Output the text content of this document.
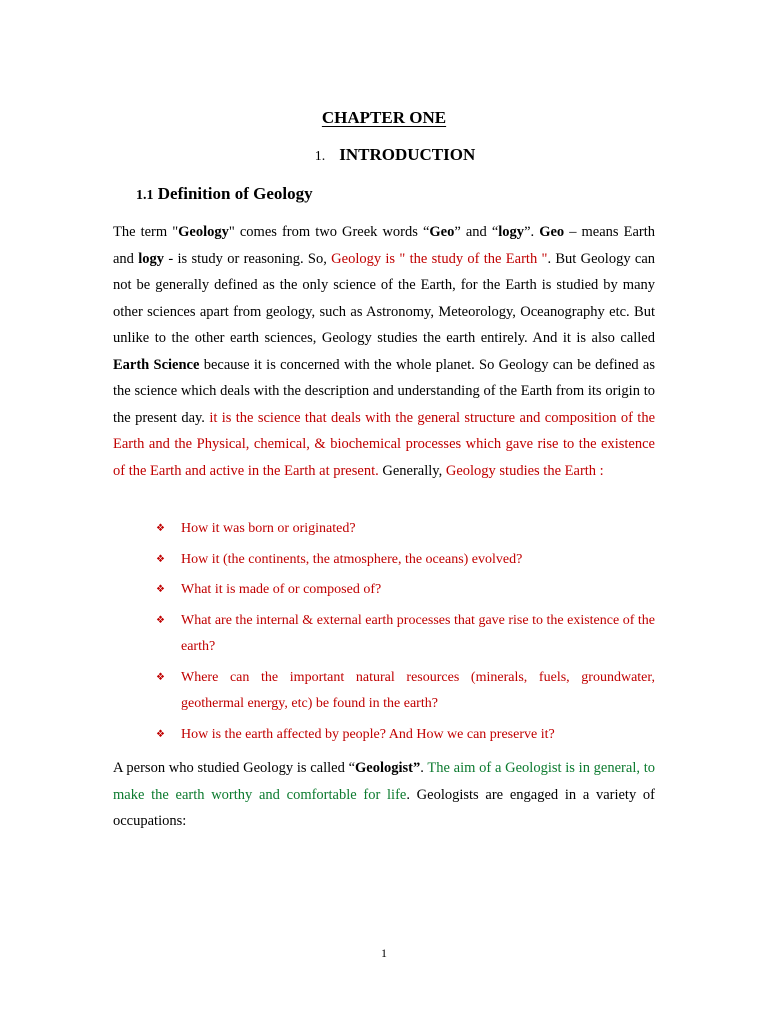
CHAPTER ONE
1. INTRODUCTION
1.1 Definition of Geology

The term "Geology" comes from two Greek words “Geo” and “logy”. Geo – means Earth and logy - is study or reasoning. So, Geology is " the study of the Earth ". But Geology can not be generally defined as the only science of the Earth, for the Earth is studied by many other sciences apart from geology, such as Astronomy, Meteorology, Oceanography etc. But unlike to the other earth sciences, Geology studies the earth entirely. And it is also called Earth Science because it is concerned with the whole planet. So Geology can be defined as the science which deals with the description and understanding of the Earth from its origin to the present day. it is the science that deals with the general structure and composition of the Earth and the Physical, chemical, & biochemical processes which gave rise to the existence of the Earth and active in the Earth at present. Generally, Geology studies the Earth :

❖ How it was born or originated?
❖ How it (the continents, the atmosphere, the oceans) evolved?
❖ What it is made of or composed of?
❖ What are the internal & external earth processes that gave rise to the existence of the earth?
❖ Where can the important natural resources (minerals, fuels, groundwater, geothermal energy, etc) be found in the earth?
❖ How is the earth affected by people? And How we can preserve it?

A person who studied Geology is called “Geologist”. The aim of a Geologist is in general, to make the earth worthy and comfortable for life. Geologists are engaged in a variety of occupations:

1
